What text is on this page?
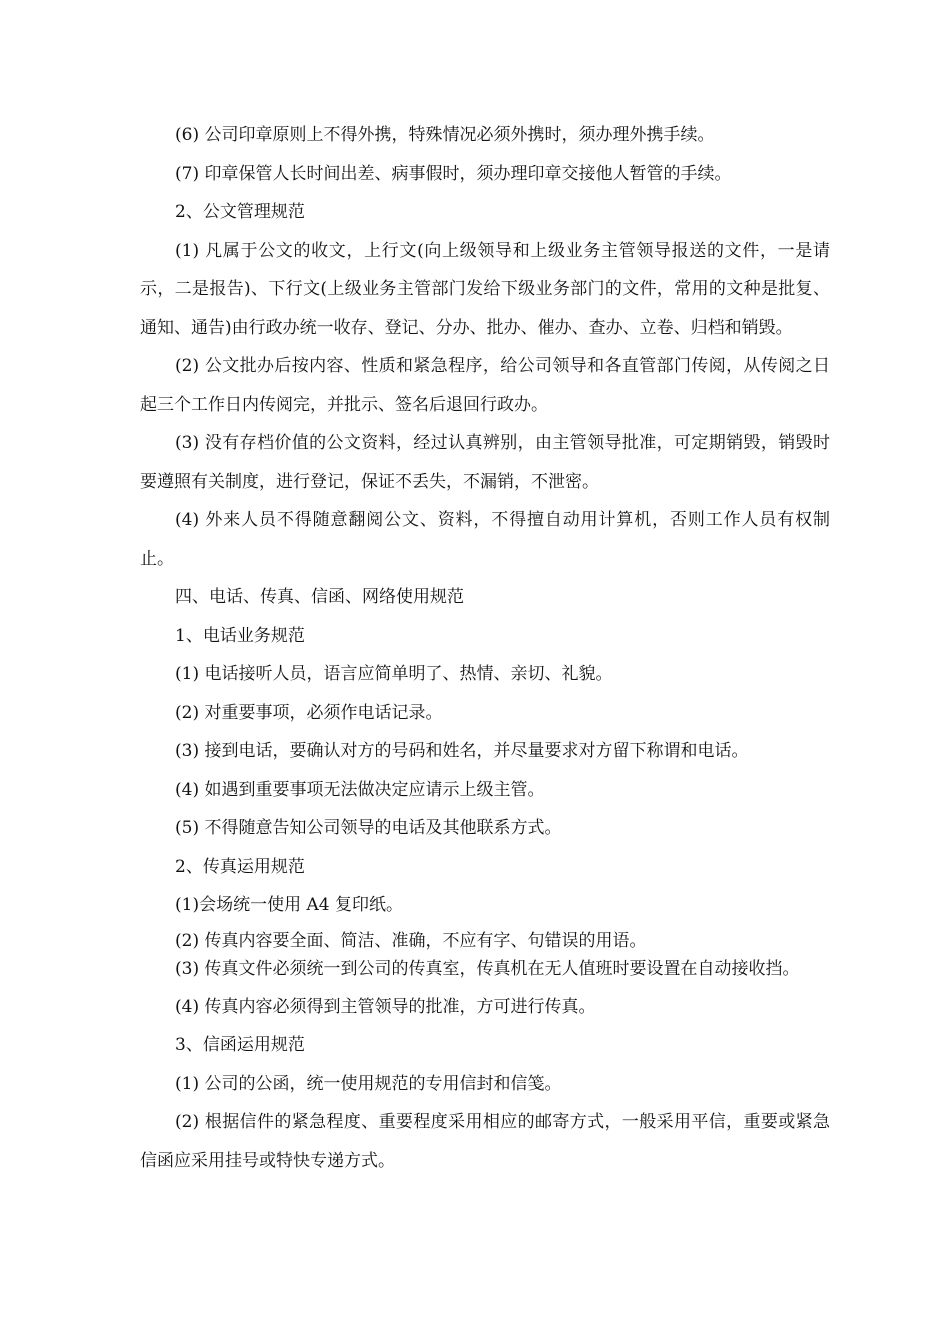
(6) 公司印章原则上不得外携，特殊情况必须外携时，须办理外携手续。

(7) 印章保管人长时间出差、病事假时，须办理印章交接他人暂管的手续。

2、公文管理规范

(1) 凡属于公文的收文，上行文(向上级领导和上级业务主管领导报送的文件，一是请示，二是报告)、下行文(上级业务主管部门发给下级业务部门的文件，常用的文种是批复、通知、通告)由行政办统一收存、登记、分办、批办、催办、查办、立卷、归档和销毁。

(2) 公文批办后按内容、性质和紧急程序，给公司领导和各直管部门传阅，从传阅之日起三个工作日内传阅完，并批示、签名后退回行政办。

(3) 没有存档价值的公文资料，经过认真辨别，由主管领导批准，可定期销毁，销毁时要遵照有关制度，进行登记，保证不丢失，不漏销，不泄密。

(4) 外来人员不得随意翻阅公文、资料，不得擅自动用计算机，否则工作人员有权制止。

四、电话、传真、信函、网络使用规范

1、电话业务规范

(1) 电话接听人员，语言应简单明了、热情、亲切、礼貌。

(2) 对重要事项，必须作电话记录。

(3) 接到电话，要确认对方的号码和姓名，并尽量要求对方留下称谓和电话。

(4) 如遇到重要事项无法做决定应请示上级主管。

(5) 不得随意告知公司领导的电话及其他联系方式。

2、传真运用规范

(1)会场统一使用 A4 复印纸。

(2) 传真内容要全面、简洁、准确，不应有字、句错误的用语。

(3) 传真文件必须统一到公司的传真室，传真机在无人值班时要设置在自动接收挡。

(4) 传真内容必须得到主管领导的批准，方可进行传真。

3、信函运用规范

(1) 公司的公函，统一使用规范的专用信封和信笺。

(2) 根据信件的紧急程度、重要程度采用相应的邮寄方式，一般采用平信，重要或紧急信函应采用挂号或特快专递方式。
